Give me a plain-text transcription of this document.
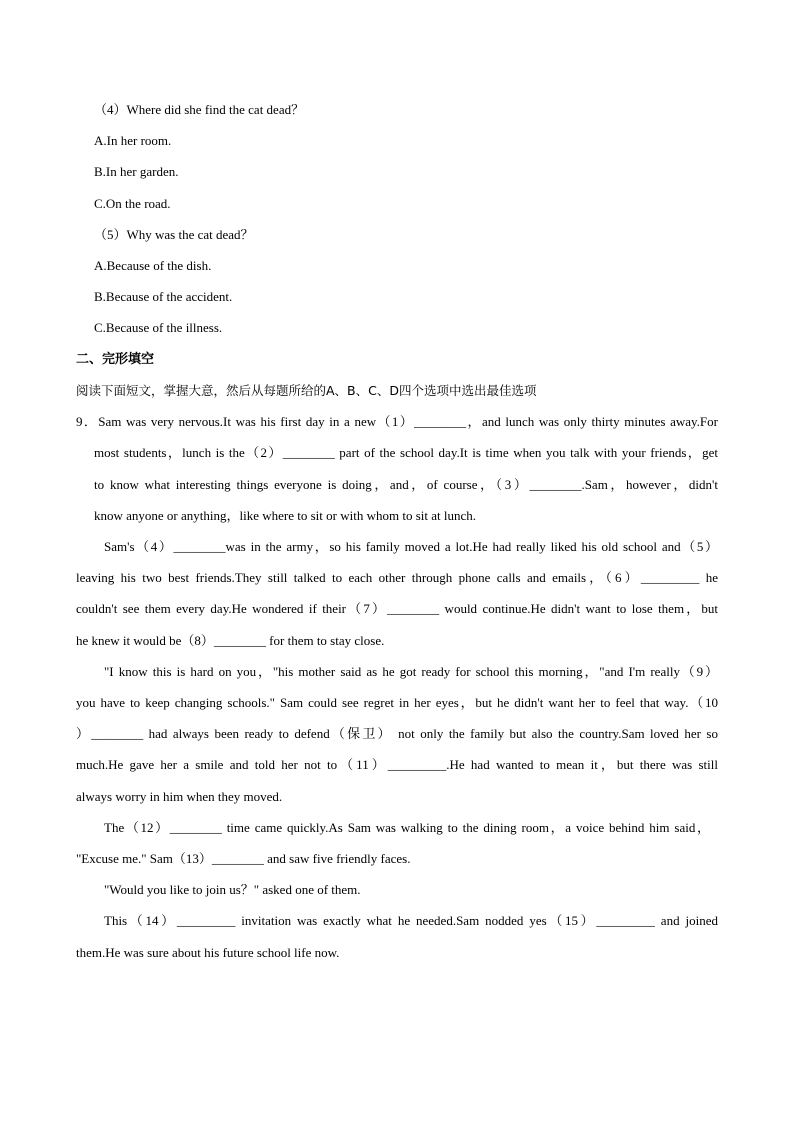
（4）Where did she find the cat dead？
A.In her room.
B.In her garden.
C.On the road.
（5）Why was the cat dead？
A.Because of the dish.
B.Because of the accident.
C.Because of the illness.
二、完形填空
阅读下面短文，掌握大意，然后从每题所给的A、B、C、D四个选项中选出最佳选项
9．Sam was very nervous.It was his first day in a new（1）________，and lunch was only thirty minutes away.For
most students，lunch is the（2）________ part of the school day.It is time when you talk with your friends，get
to know what interesting things everyone is doing，and，of course，（3）________.Sam，however，didn't
know anyone or anything，like where to sit or with whom to sit at lunch.
Sam's（4）________was in the army，so his family moved a lot.He had really liked his old school and（5）
leaving his two best friends.They still talked to each other through phone calls and emails，（6）_________ he
couldn't see them every day.He wondered if their（7）________ would continue.He didn't want to lose them，but
he knew it would be（8）________ for them to stay close.
"I know this is hard on you，"his mother said as he got ready for school this morning，"and I'm really（9）
you have to keep changing schools." Sam could see regret in her eyes，but he didn't want her to feel that way.（10
）________ had always been ready to defend（保卫） not only the family but also the country.Sam loved her so
much.He gave her a smile and told her not to（11）_________.He had wanted to mean it，but there was still
always worry in him when they moved.
The（12）________ time came quickly.As Sam was walking to the dining room，a voice behind him said，
"Excuse me." Sam（13）________ and saw five friendly faces.
"Would you like to join us？" asked one of them.
This（14）_________ invitation was exactly what he needed.Sam nodded yes（15）_________ and joined
them.He was sure about his future school life now.
